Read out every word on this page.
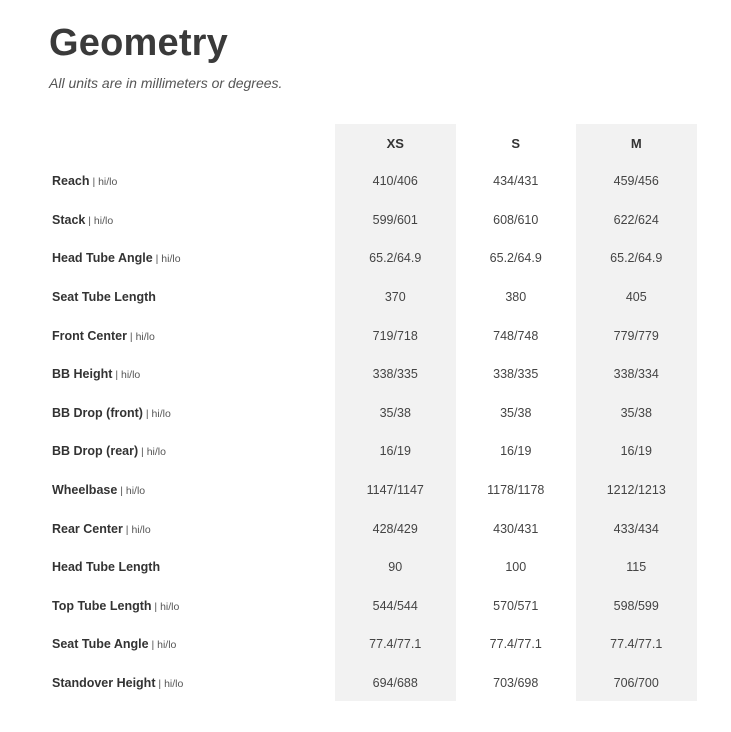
Geometry

All units are in millimeters or degrees.

	XS	S	M
Reach | hi/lo	410/406	434/431	459/456
Stack | hi/lo	599/601	608/610	622/624
Head Tube Angle | hi/lo	65.2/64.9	65.2/64.9	65.2/64.9
Seat Tube Length	370	380	405
Front Center | hi/lo	719/718	748/748	779/779
BB Height | hi/lo	338/335	338/335	338/334
BB Drop (front) | hi/lo	35/38	35/38	35/38
BB Drop (rear) | hi/lo	16/19	16/19	16/19
Wheelbase | hi/lo	1147/1147	1178/1178	1212/1213
Rear Center | hi/lo	428/429	430/431	433/434
Head Tube Length	90	100	115
Top Tube Length | hi/lo	544/544	570/571	598/599
Seat Tube Angle | hi/lo	77.4/77.1	77.4/77.1	77.4/77.1
Standover Height | hi/lo	694/688	703/698	706/700
